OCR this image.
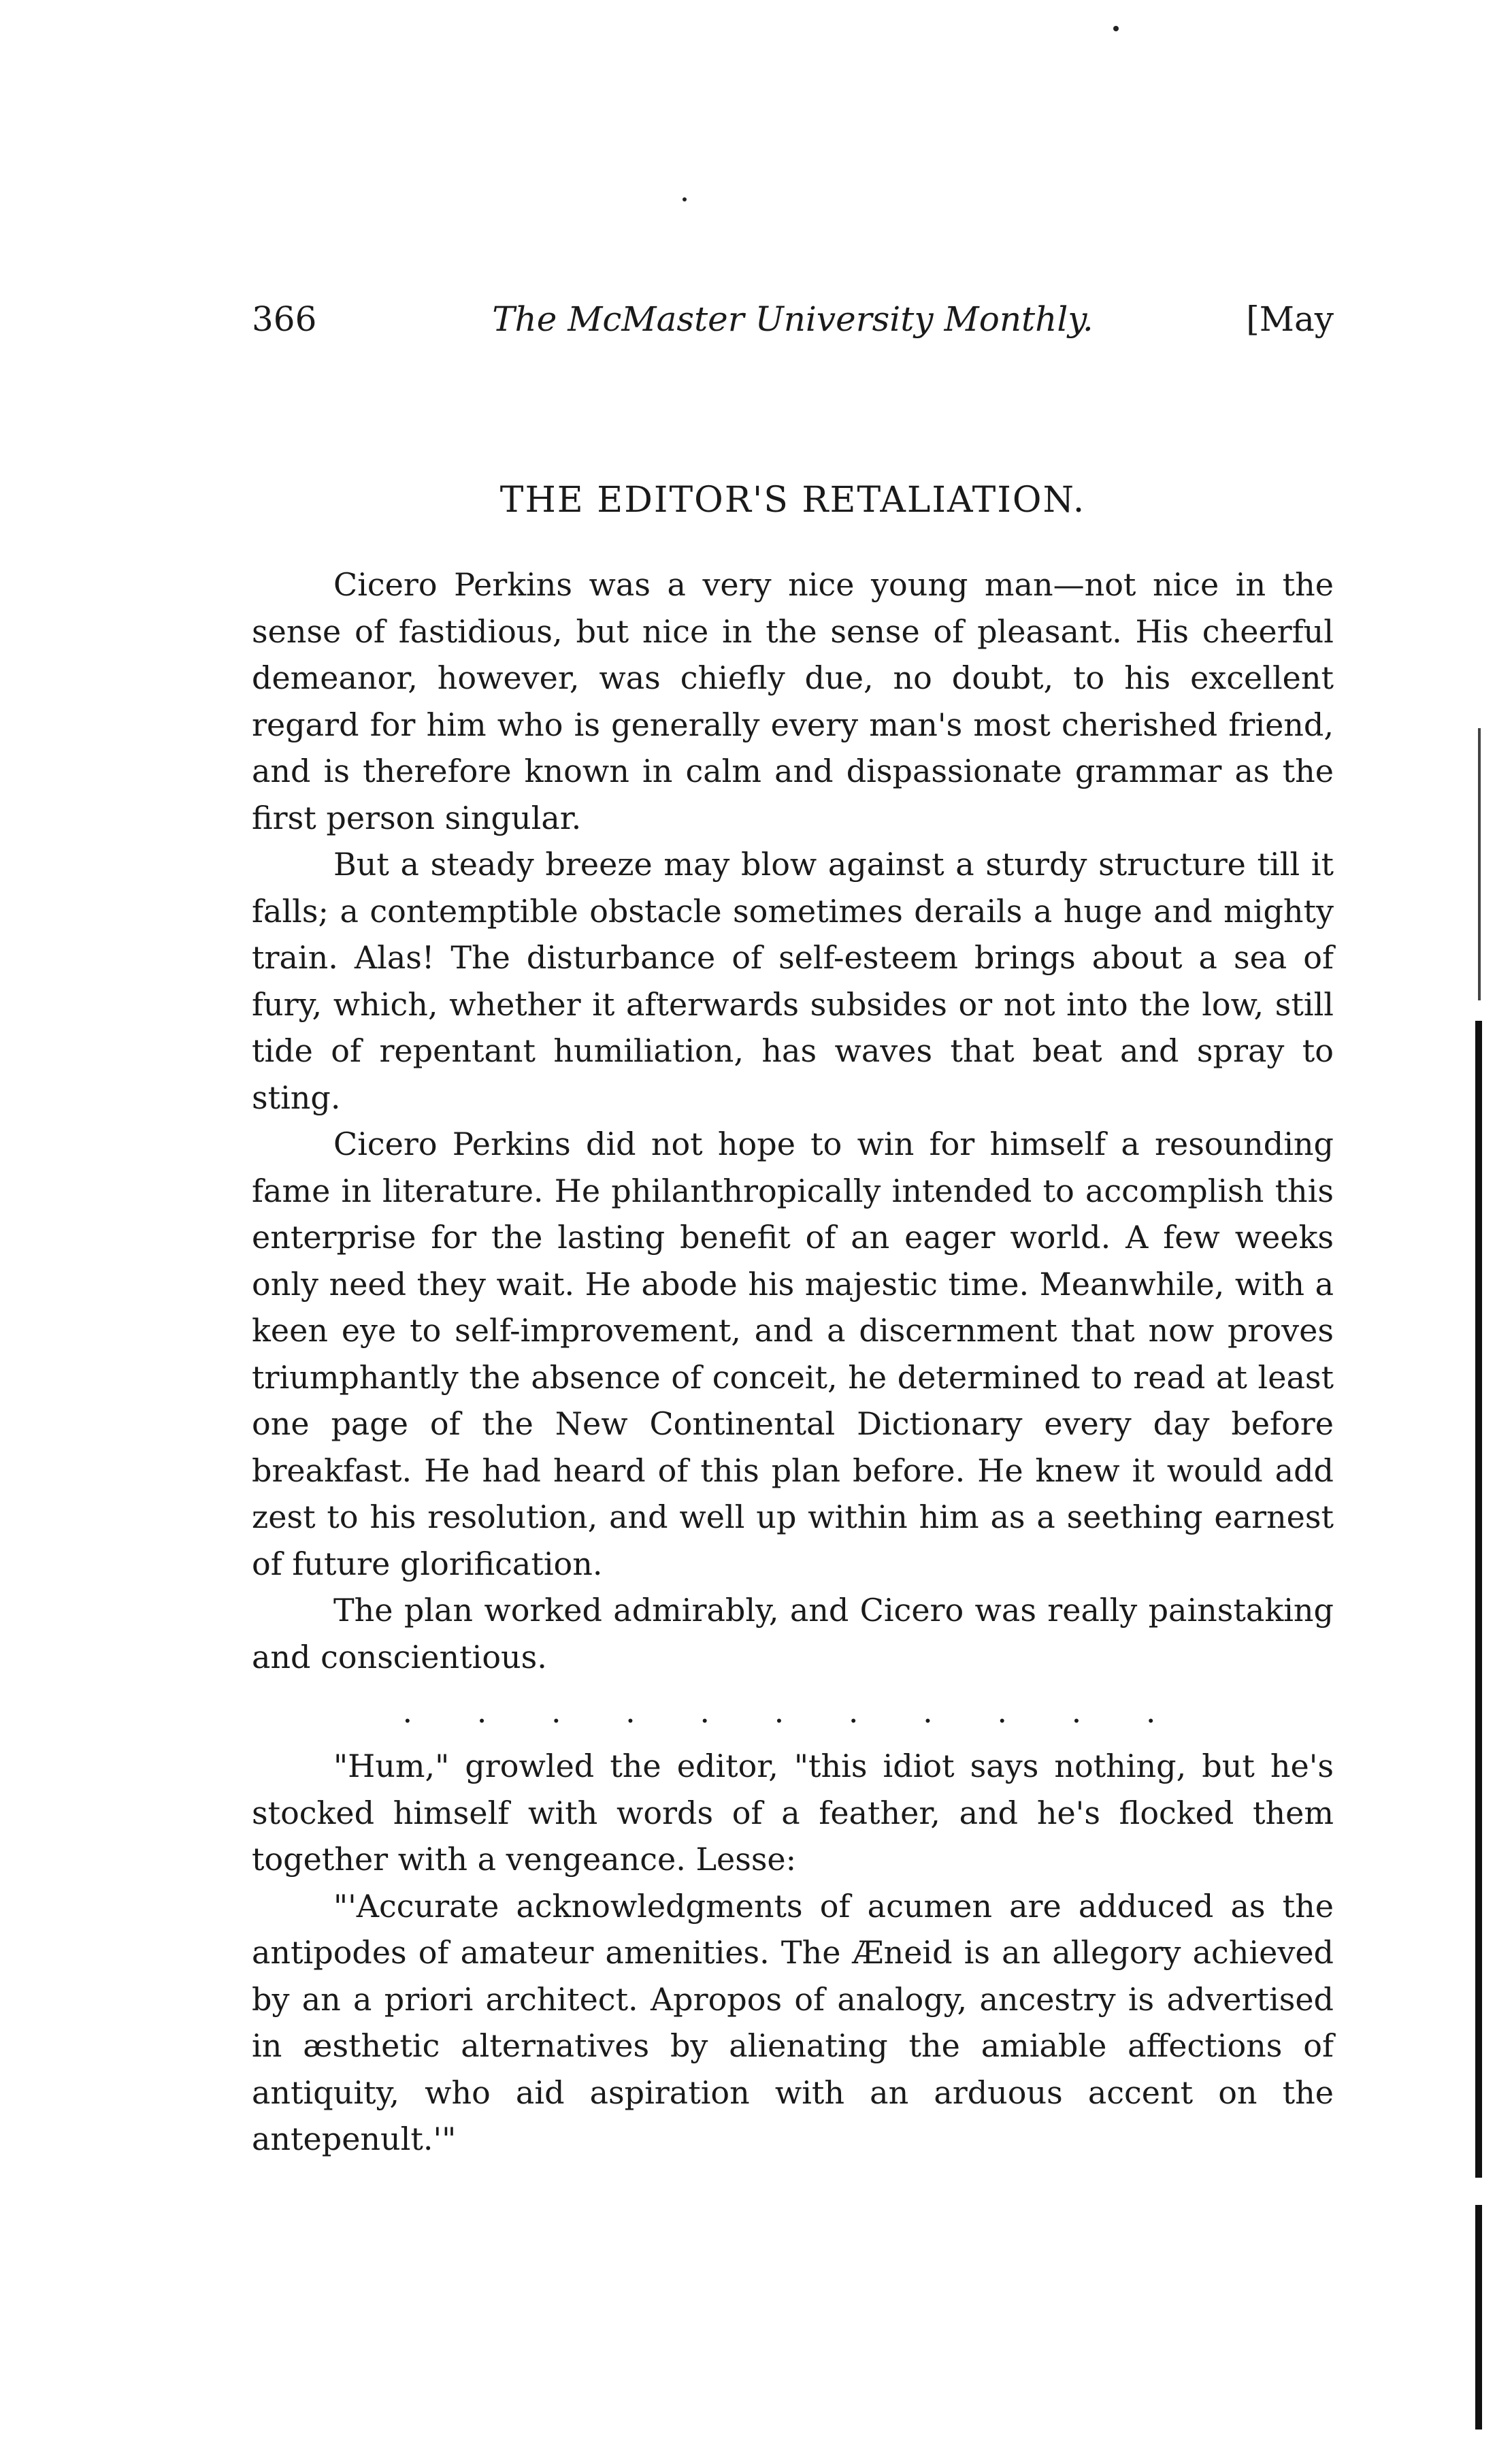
366	The McMaster University Monthly.	[May
THE EDITOR'S RETALIATION.

Cicero Perkins was a very nice young man—not nice in the sense of fastidious, but nice in the sense of pleasant. His cheerful demeanor, however, was chiefly due, no doubt, to his excellent regard for him who is generally every man's most cherished friend, and is therefore known in calm and dispassionate grammar as the first person singular.

But a steady breeze may blow against a sturdy structure till it falls; a contemptible obstacle sometimes derails a huge and mighty train. Alas! The disturbance of self-esteem brings about a sea of fury, which, whether it afterwards subsides or not into the low, still tide of repentant humiliation, has waves that beat and spray to sting.

Cicero Perkins did not hope to win for himself a resounding fame in literature. He philanthropically intended to accomplish this enterprise for the lasting benefit of an eager world. A few weeks only need they wait. He abode his majestic time. Meanwhile, with a keen eye to self-improvement, and a discernment that now proves triumphantly the absence of conceit, he determined to read at least one page of the New Continental Dictionary every day before breakfast. He had heard of this plan before. He knew it would add zest to his resolution, and well up within him as a seething earnest of future glorification.

The plan worked admirably, and Cicero was really painstaking and conscientious.

. . . . . . . . . . .

"Hum," growled the editor, "this idiot says nothing, but he's stocked himself with words of a feather, and he's flocked them together with a vengeance. Lesse:

"'Accurate acknowledgments of acumen are adduced as the antipodes of amateur amenities. The Æneid is an allegory achieved by an a priori architect. Apropos of analogy, ancestry is advertised in æsthetic alternatives by alienating the amiable affections of antiquity, who aid aspiration with an arduous accent on the antepenult.'"
